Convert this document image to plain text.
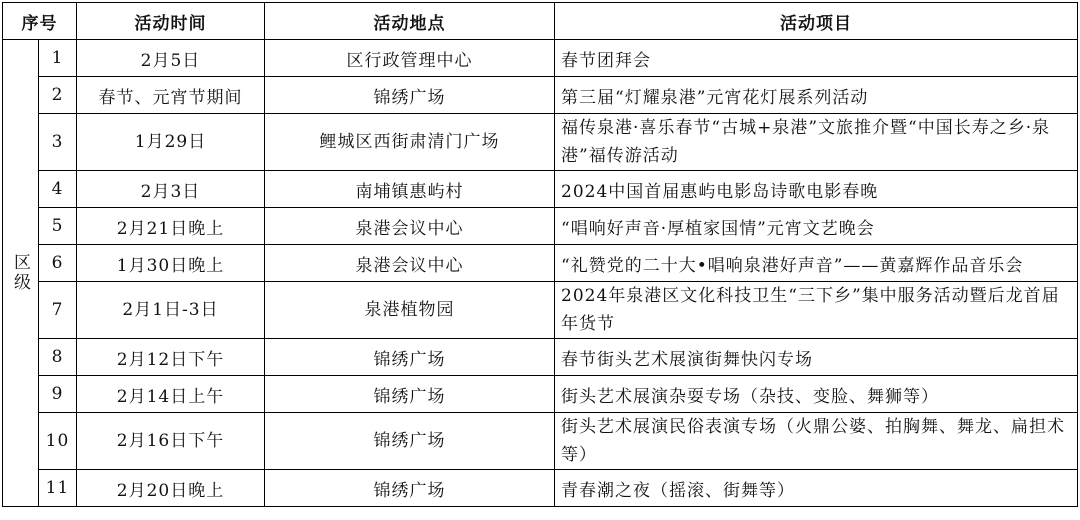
序号		活动时间	活动地点	活动项目
区级	1	2月5日	区行政管理中心	春节团拜会
	2	春节、元宵节期间	锦绣广场	第三届“灯耀泉港”元宵花灯展系列活动
	3	1月29日	鲤城区西街肃清门广场	福传泉港·喜乐春节“古城+泉港”文旅推介暨“中国长寿之乡·泉港”福传游活动
	4	2月3日	南埔镇惠屿村	2024中国首届惠屿电影岛诗歌电影春晚
	5	2月21日晚上	泉港会议中心	“唱响好声音·厚植家国情”元宵文艺晚会
	6	1月30日晚上	泉港会议中心	“礼赞党的二十大•唱响泉港好声音”——黄嘉辉作品音乐会
	7	2月1日-3日	泉港植物园	2024年泉港区文化科技卫生“三下乡”集中服务活动暨后龙首届年货节
	8	2月12日下午	锦绣广场	春节街头艺术展演街舞快闪专场
	9	2月14日上午	锦绣广场	街头艺术展演杂耍专场（杂技、变脸、舞狮等）
	10	2月16日下午	锦绣广场	街头艺术展演民俗表演专场（火鼎公婆、拍胸舞、舞龙、扁担术等）
	11	2月20日晚上	锦绣广场	青春潮之夜（摇滚、街舞等）
